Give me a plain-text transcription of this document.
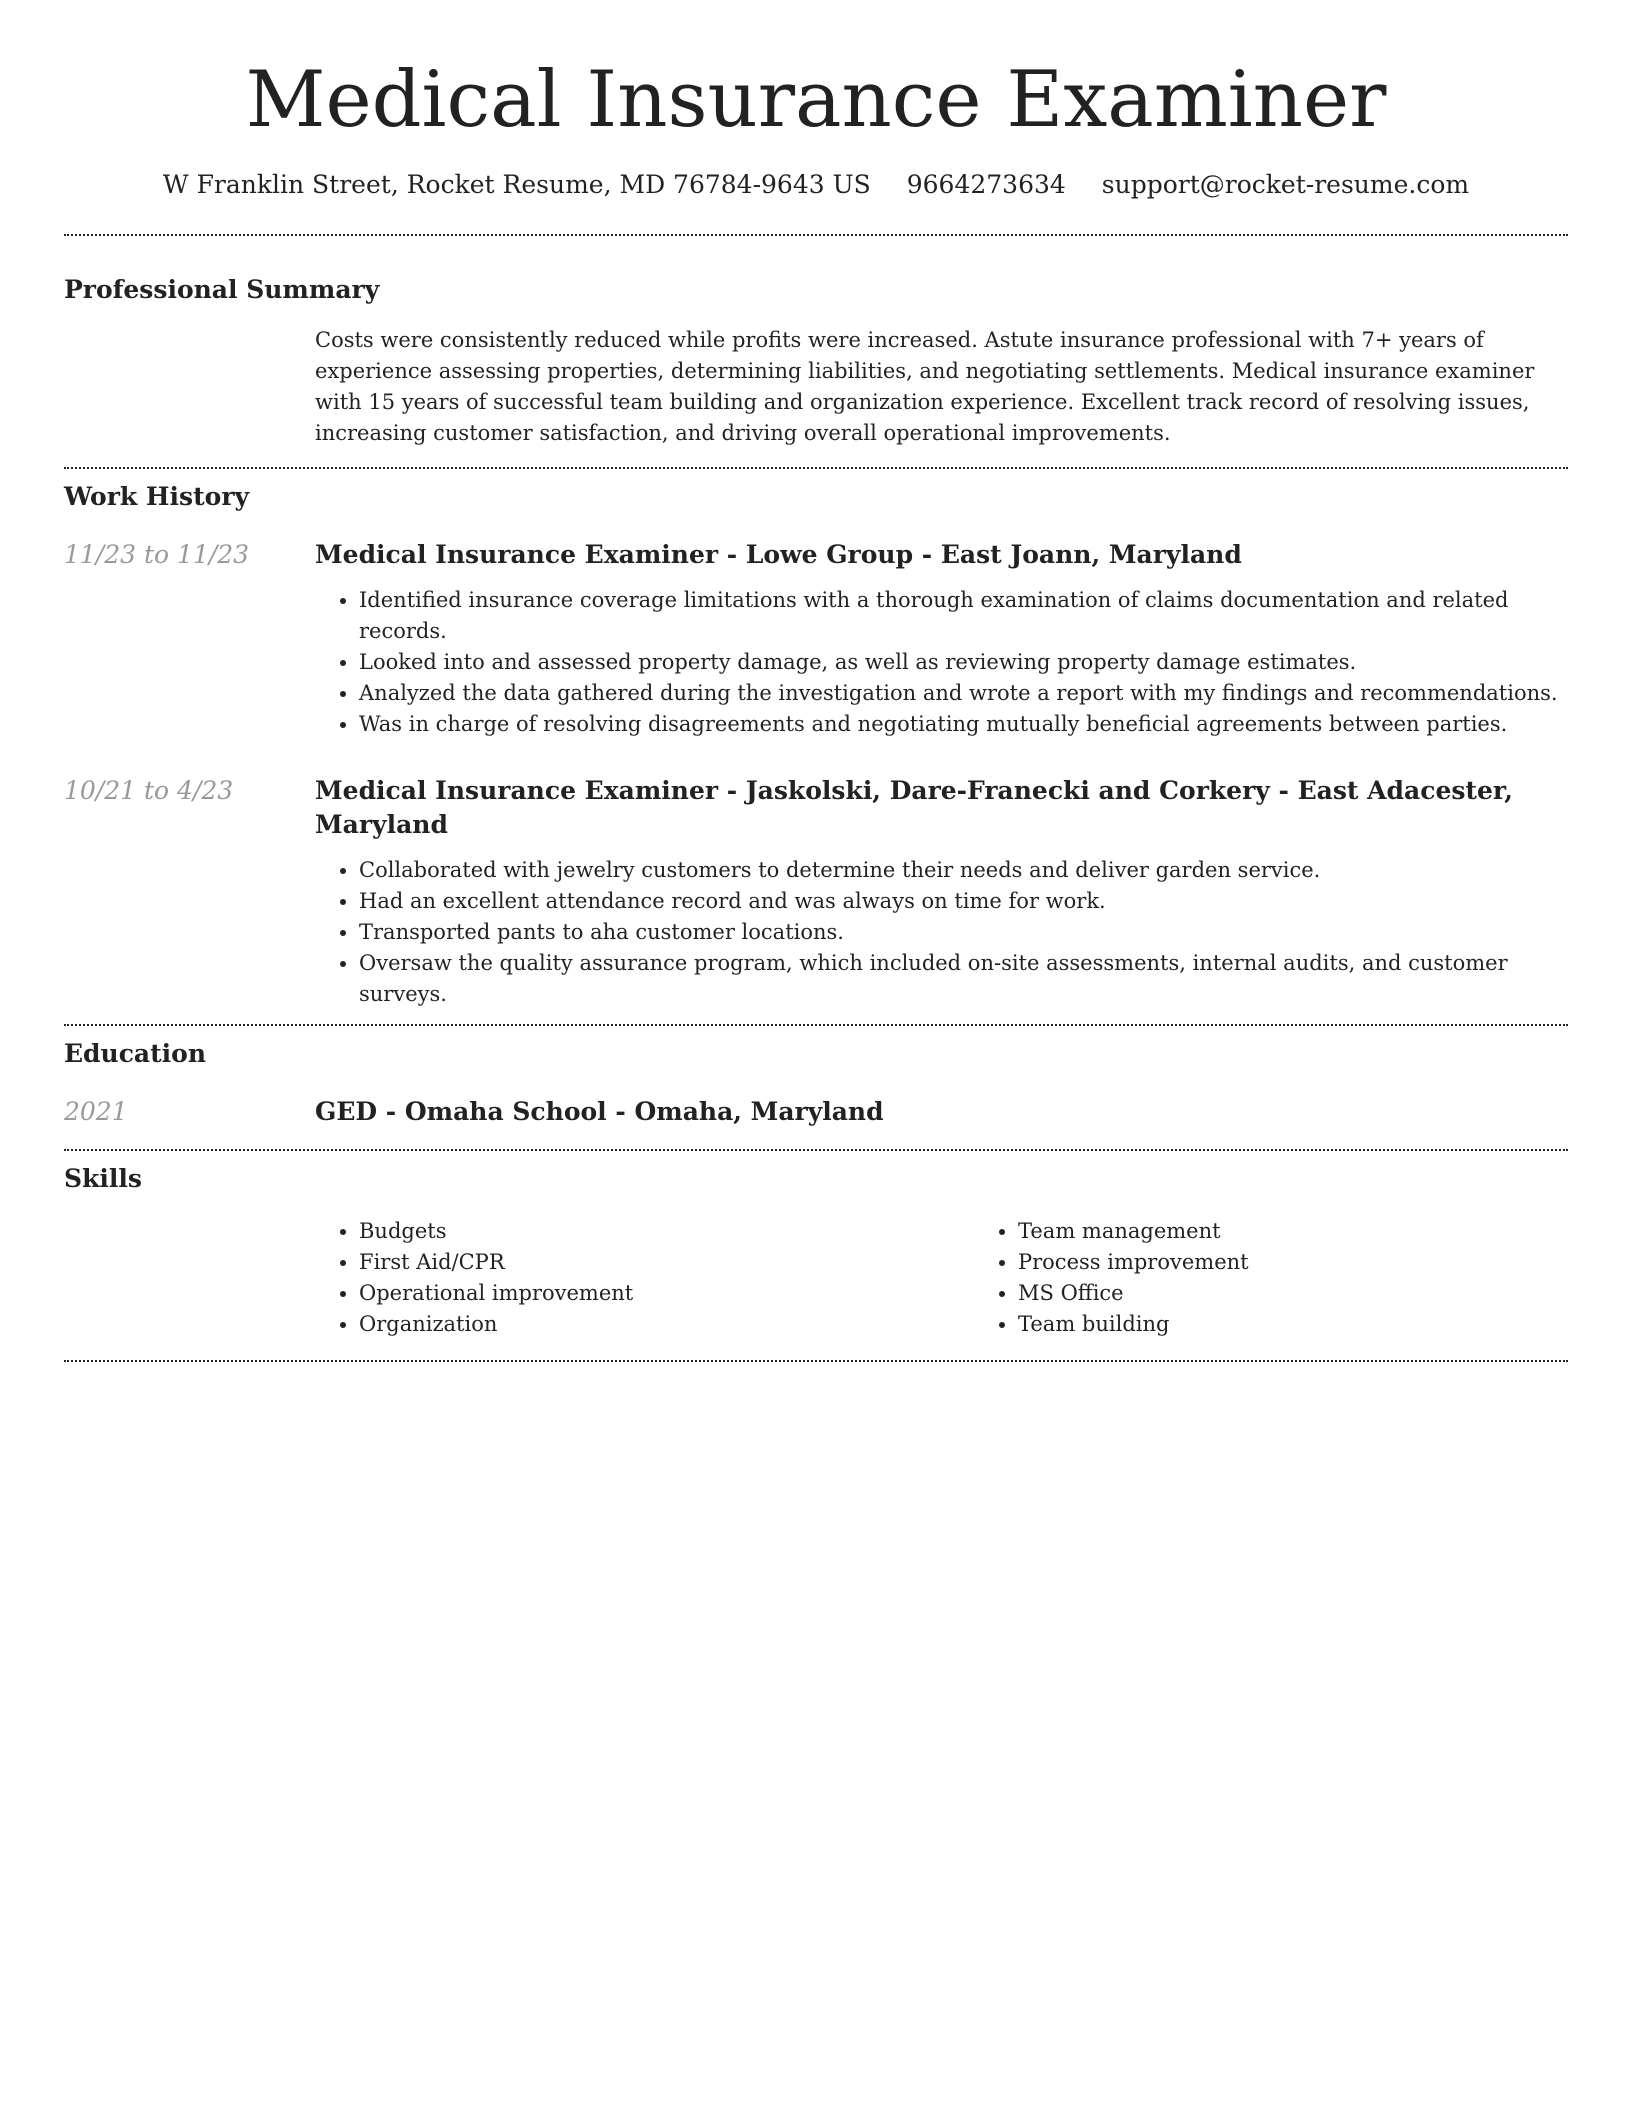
Medical Insurance Examiner
W Franklin Street, Rocket Resume, MD 76784-9643 US 9664273634 support@rocket-resume.com
Professional Summary

Costs were consistently reduced while profits were increased. Astute insurance professional with 7+ years of experience assessing properties, determining liabilities, and negotiating settlements. Medical insurance examiner with 15 years of successful team building and organization experience. Excellent track record of resolving issues, increasing customer satisfaction, and driving overall operational improvements.

Work History
11/23 to 11/23	Medical Insurance Examiner - Lowe Group - East Joann, Maryland
• Identified insurance coverage limitations with a thorough examination of claims documentation and related records.
• Looked into and assessed property damage, as well as reviewing property damage estimates.
• Analyzed the data gathered during the investigation and wrote a report with my findings and recommendations.
• Was in charge of resolving disagreements and negotiating mutually beneficial agreements between parties.
10/21 to 4/23	Medical Insurance Examiner - Jaskolski, Dare-Franecki and Corkery - East Adacester, Maryland
• Collaborated with jewelry customers to determine their needs and deliver garden service.
• Had an excellent attendance record and was always on time for work.
• Transported pants to aha customer locations.
• Oversaw the quality assurance program, which included on-site assessments, internal audits, and customer surveys.
Education
2021	GED - Omaha School - Omaha, Maryland
Skills
• Budgets
• First Aid/CPR
• Operational improvement
• Organization
• Team management
• Process improvement
• MS Office
• Team building
